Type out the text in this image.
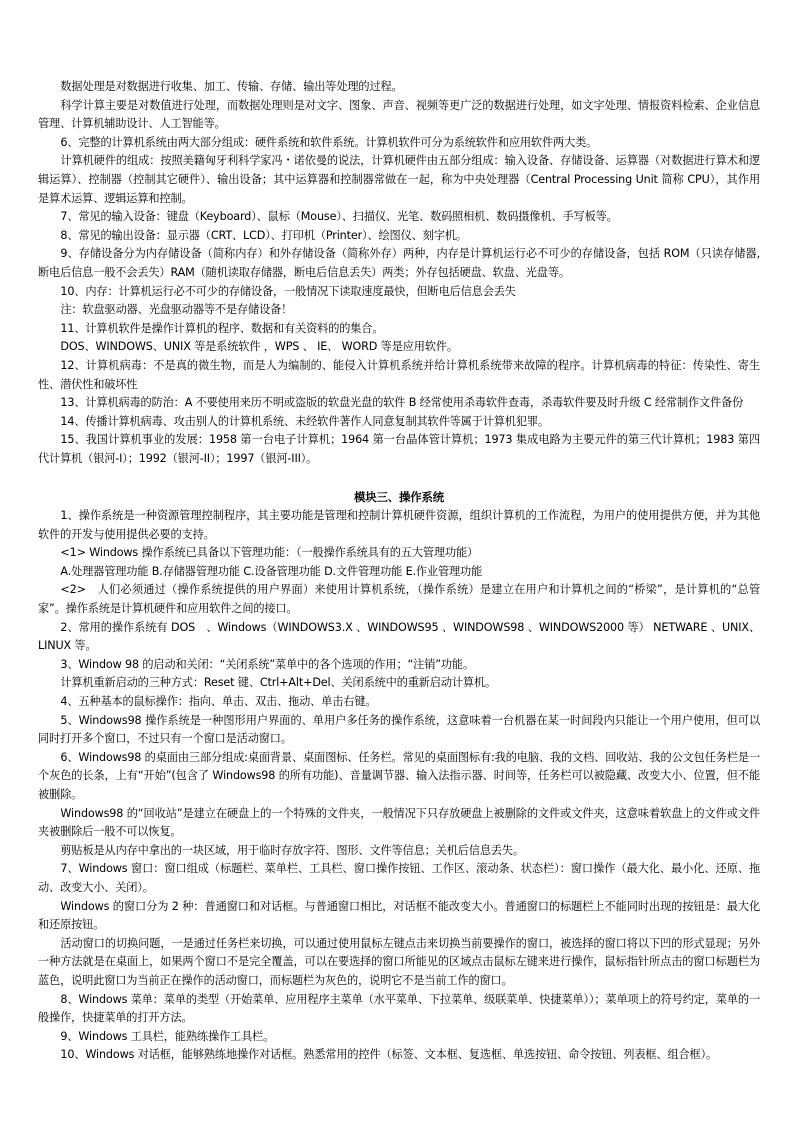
数据处理是对数据进行收集、加工、传输、存储、输出等处理的过程。

科学计算主要是对数值进行处理，而数据处理则是对文字、图象、声音、视频等更广泛的数据进行处理，如文字处理、情报资料检索、企业信息管理、计算机辅助设计、人工智能等。

6、完整的计算机系统由两大部分组成：硬件系统和软件系统。计算机软件可分为系统软件和应用软件两大类。

计算机硬件的组成：按照美籍匈牙利科学家冯・诺依曼的说法，计算机硬件由五部分组成：输入设备、存储设备、运算器（对数据进行算术和逻辑运算）、控制器（控制其它硬件）、输出设备；其中运算器和控制器常做在一起，称为中央处理器（Central Processing Unit 简称 CPU），其作用是算术运算、逻辑运算和控制。

7、常见的输入设备：键盘（Keyboard）、鼠标（Mouse）、扫描仪、光笔、数码照相机、数码摄像机、手写板等。

8、常见的输出设备：显示器（CRT、LCD）、打印机（Printer）、绘图仪、刻字机。

9、存储设备分为内存储设备（简称内存）和外存储设备（简称外存）两种，内存是计算机运行必不可少的存储设备，包括 ROM（只读存储器,断电后信息一般不会丢失）RAM（随机读取存储器，断电后信息丢失）两类；外存包括硬盘、软盘、光盘等。

10、内存：计算机运行必不可少的存储设备，一般情况下读取速度最快，但断电后信息会丢失

注：软盘驱动器、光盘驱动器等不是存储设备！

11、计算机软件是操作计算机的程序、数据和有关资料的的集合。

DOS、WINDOWS、UNIX 等是系统软件 ，WPS 、 IE、 WORD 等是应用软件。

12、计算机病毒：不是真的微生物，而是人为编制的、能侵入计算机系统并给计算机系统带来故障的程序。计算机病毒的特征：传染性、寄生性、潜伏性和破坏性

13、计算机病毒的防治：A 不要使用来历不明或盗版的软盘光盘的软件 B 经常使用杀毒软件查毒，杀毒软件要及时升级 C 经常制作文件备份

14、传播计算机病毒、攻击别人的计算机系统、未经软件著作人同意复制其软件等属于计算机犯罪。

15、我国计算机事业的发展：1958 第一台电子计算机；1964 第一台晶体管计算机；1973 集成电路为主要元件的第三代计算机；1983 第四代计算机（银河-I）；1992（银河-II）；1997（银河-III）。

模块三、操作系统

1、操作系统是一种资源管理控制程序，其主要功能是管理和控制计算机硬件资源，组织计算机的工作流程，为用户的使用提供方便，并为其他软件的开发与使用提供必要的支持。

<1> Windows 操作系统已具备以下管理功能：（一般操作系统具有的五大管理功能）

A.处理器管理功能 B.存储器管理功能 C.设备管理功能 D.文件管理功能 E.作业管理功能

<2>　人们必须通过（操作系统提供的用户界面）来使用计算机系统，（操作系统）是建立在用户和计算机之间的“桥梁”，是计算机的“总管家”。操作系统是计算机硬件和应用软件之间的接口。

2、常用的操作系统有 DOS　、Windows（WINDOWS3.X 、WINDOWS95 、WINDOWS98 、WINDOWS2000 等） NETWARE 、UNIX、LINUX 等。

3、Window 98 的启动和关闭：“关闭系统”菜单中的各个选项的作用；“注销”功能。

计算机重新启动的三种方式：Reset 键、Ctrl+Alt+Del、关闭系统中的重新启动计算机。

4、五种基本的鼠标操作：指向、单击、双击、拖动、单击右键。

5、Windows98 操作系统是一种图形用户界面的、单用户多任务的操作系统，这意味着一台机器在某一时间段内只能让一个用户使用，但可以同时打开多个窗口，不过只有一个窗口是活动窗口。

6、Windows98 的桌面由三部分组成:桌面背景、桌面图标、任务栏。常见的桌面图标有:我的电脑、我的文档、回收站、我的公文包任务栏是一个灰色的长条，上有“开始”(包含了 Windows98 的所有功能)、音量调节器、输入法指示器、时间等，任务栏可以被隐藏、改变大小、位置，但不能被删除。

Windows98 的“回收站”是建立在硬盘上的一个特殊的文件夹，一般情况下只存放硬盘上被删除的文件或文件夹，这意味着软盘上的文件或文件夹被删除后一般不可以恢复。

剪贴板是从内存中拿出的一块区域，用于临时存放字符、图形、文件等信息；关机后信息丢失。

7、Windows 窗口：窗口组成（标题栏、菜单栏、工具栏、窗口操作按钮、工作区、滚动条、状态栏）：窗口操作（最大化、最小化、还原、拖动、改变大小、关闭）。

Windows 的窗口分为 2 种：普通窗口和对话框。与普通窗口相比，对话框不能改变大小。普通窗口的标题栏上不能同时出现的按钮是：最大化和还原按钮。

活动窗口的切换问题，一是通过任务栏来切换，可以通过使用鼠标左键点击来切换当前要操作的窗口，被选择的窗口将以下凹的形式显现；另外一种方法就是在桌面上，如果两个窗口不是完全覆盖，可以在要选择的窗口所能见的区域点击鼠标左键来进行操作，鼠标指针所点击的窗口标题栏为蓝色，说明此窗口为当前正在操作的活动窗口，而标题栏为灰色的，说明它不是当前工作的窗口。

8、Windows 菜单：菜单的类型（开始菜单、应用程序主菜单（水平菜单、下拉菜单、级联菜单、快捷菜单））；菜单项上的符号约定，菜单的一般操作，快捷菜单的打开方法。

9、Windows 工具栏，能熟练操作工具栏。

10、Windows 对话框，能够熟练地操作对话框。熟悉常用的控件（标签、文本框、复选框、单选按钮、命令按钮、列表框、组合框）。
